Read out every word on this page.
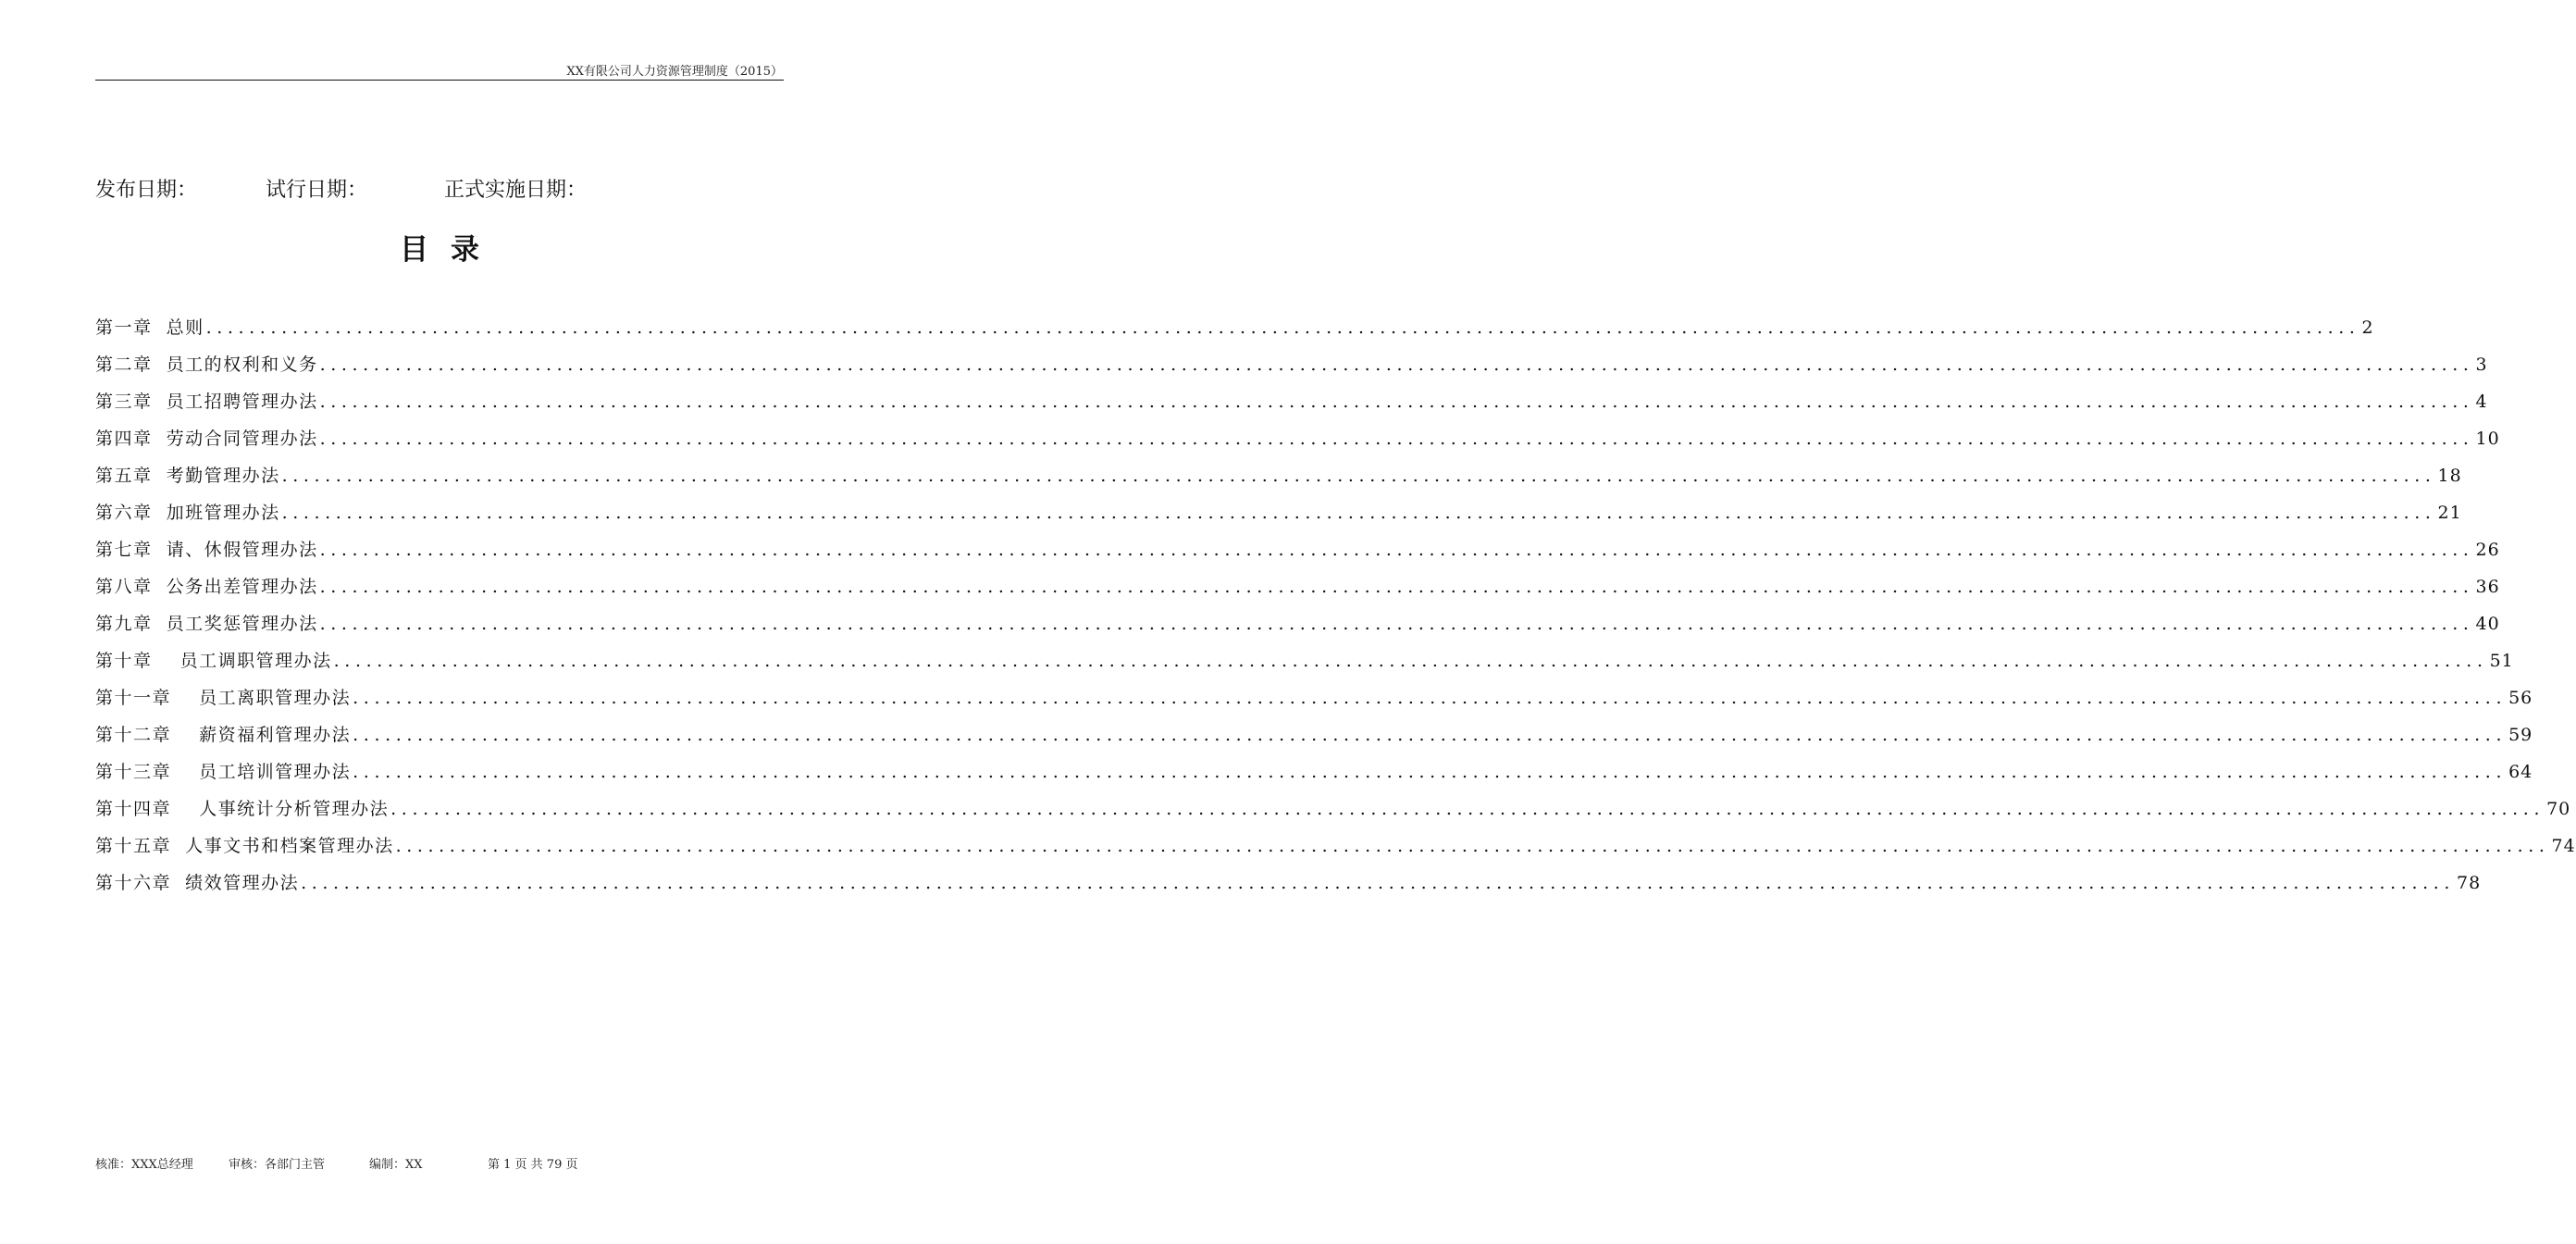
XX有限公司人力资源管理制度（2015）
发布日期：	试行日期：	正式实施日期：
目录
第一章  总则 ........................................................................................................................................................................................................ 2
第二章  员工的权利和义务 ........................................................................................................................................................................................................ 3
第三章  员工招聘管理办法 ........................................................................................................................................................................................................ 4
第四章  劳动合同管理办法 ........................................................................................................................................................................................................ 10
第五章  考勤管理办法 ........................................................................................................................................................................................................ 18
第六章  加班管理办法 ........................................................................................................................................................................................................ 21
第七章  请、休假管理办法 ........................................................................................................................................................................................................ 26
第八章  公务出差管理办法 ........................................................................................................................................................................................................ 36
第九章  员工奖惩管理办法 ........................................................................................................................................................................................................ 40
第十章    员工调职管理办法 ........................................................................................................................................................................................................ 51
第十一章    员工离职管理办法 ........................................................................................................................................................................................................ 56
第十二章    薪资福利管理办法 ........................................................................................................................................................................................................ 59
第十三章    员工培训管理办法 ........................................................................................................................................................................................................ 64
第十四章    人事统计分析管理办法 ........................................................................................................................................................................................................ 70
第十五章  人事文书和档案管理办法 ........................................................................................................................................................................................................ 74
第十六章  绩效管理办法 ........................................................................................................................................................................................................ 78
核准：XXX总经理	审核：各部门主管	编制：XX	第 1 页 共 79 页
